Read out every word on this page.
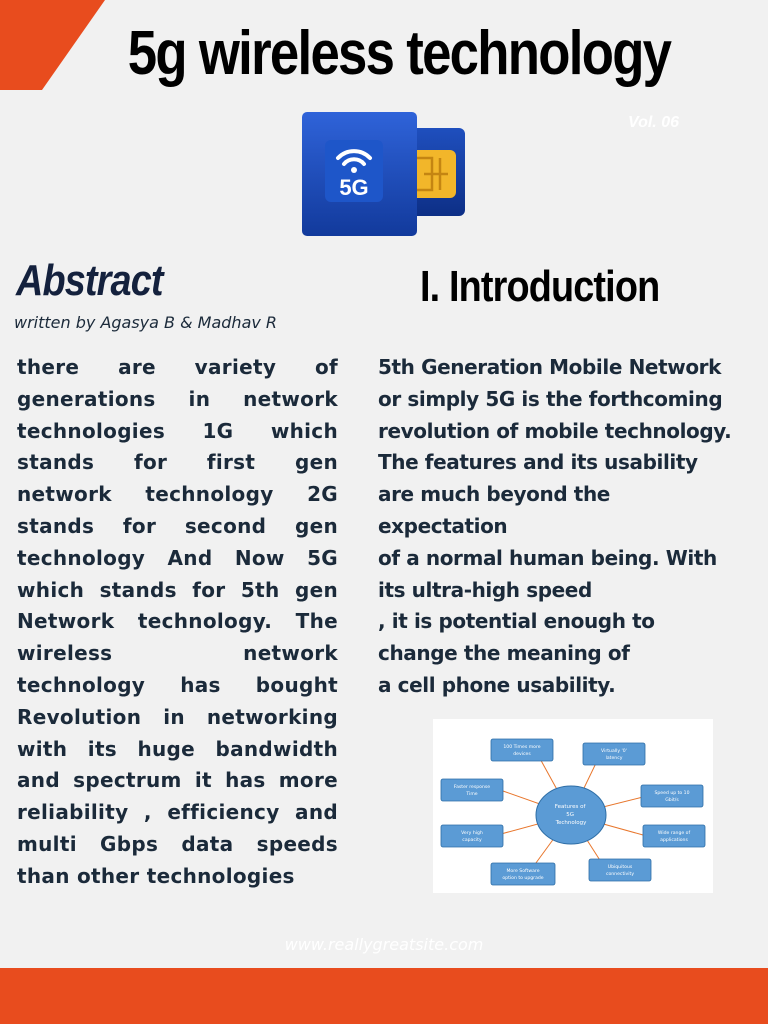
5g wireless technology
Vol. 06
5G
Abstract
written by Agasya B & Madhav R
I. Introduction
there are variety of generations in network technologies 1G which stands for first gen network technology 2G stands for second gen technology And Now 5G which stands for 5th gen Network technology. The wireless network technology has bought Revolution in networking with its huge bandwidth and spectrum it has more reliability , efficiency and multi Gbps data speeds than other technologies
5th Generation Mobile Network
or simply 5G is the forthcoming
revolution of mobile technology.
The features and its usability
are much beyond the
expectation
of a normal human being. With
its ultra-high speed
, it is potential enough to
change the meaning of
a cell phone usability.
Features of 5G Technology
100 Times more devices
Virtually '0' latency
Faster response Time	Speed up to 10 Gbit/s
Very high capacity
Wide range of applications
More Software option to upgrade
Ubiquitous connectivity
www.reallygreatsite.com
